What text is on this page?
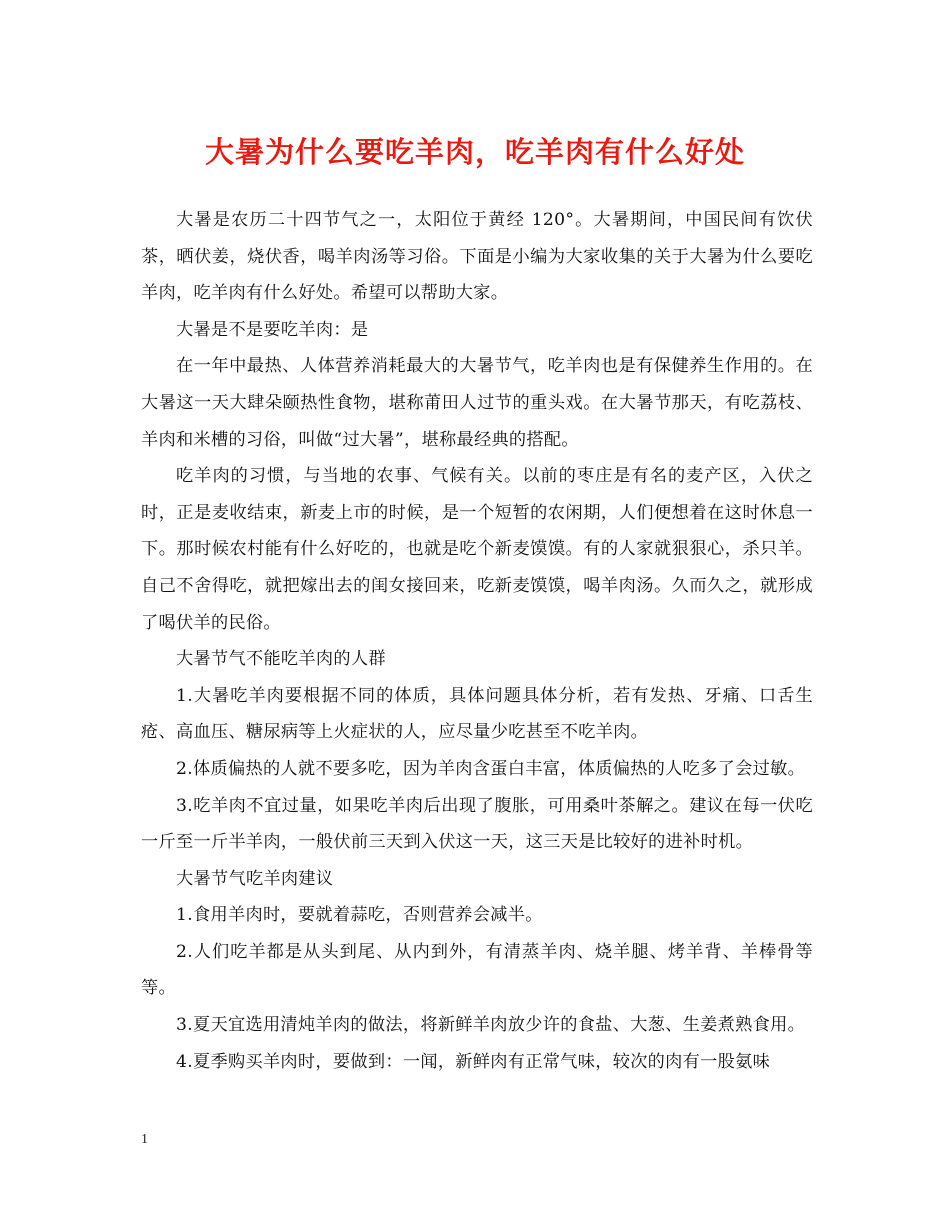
大暑为什么要吃羊肉，吃羊肉有什么好处

大暑是农历二十四节气之一，太阳位于黄经 120°。大暑期间，中国民间有饮伏茶，晒伏姜，烧伏香，喝羊肉汤等习俗。下面是小编为大家收集的关于大暑为什么要吃羊肉，吃羊肉有什么好处。希望可以帮助大家。

大暑是不是要吃羊肉：是

在一年中最热、人体营养消耗最大的大暑节气，吃羊肉也是有保健养生作用的。在大暑这一天大肆朵颐热性食物，堪称莆田人过节的重头戏。在大暑节那天，有吃荔枝、羊肉和米槽的习俗，叫做“过大暑”，堪称最经典的搭配。

吃羊肉的习惯，与当地的农事、气候有关。以前的枣庄是有名的麦产区，入伏之时，正是麦收结束，新麦上市的时候，是一个短暂的农闲期，人们便想着在这时休息一下。那时候农村能有什么好吃的，也就是吃个新麦馍馍。有的人家就狠狠心，杀只羊。自己不舍得吃，就把嫁出去的闺女接回来，吃新麦馍馍，喝羊肉汤。久而久之，就形成了喝伏羊的民俗。

大暑节气不能吃羊肉的人群

1.大暑吃羊肉要根据不同的体质，具体问题具体分析，若有发热、牙痛、口舌生疮、高血压、糖尿病等上火症状的人，应尽量少吃甚至不吃羊肉。

2.体质偏热的人就不要多吃，因为羊肉含蛋白丰富，体质偏热的人吃多了会过敏。

3.吃羊肉不宜过量，如果吃羊肉后出现了腹胀，可用桑叶茶解之。建议在每一伏吃一斤至一斤半羊肉，一般伏前三天到入伏这一天，这三天是比较好的进补时机。

大暑节气吃羊肉建议

1.食用羊肉时，要就着蒜吃，否则营养会减半。

2.人们吃羊都是从头到尾、从内到外，有清蒸羊肉、烧羊腿、烤羊背、羊棒骨等等。

3.夏天宜选用清炖羊肉的做法，将新鲜羊肉放少许的食盐、大葱、生姜煮熟食用。

4.夏季购买羊肉时，要做到：一闻，新鲜肉有正常气味，较次的肉有一股氨味

1
